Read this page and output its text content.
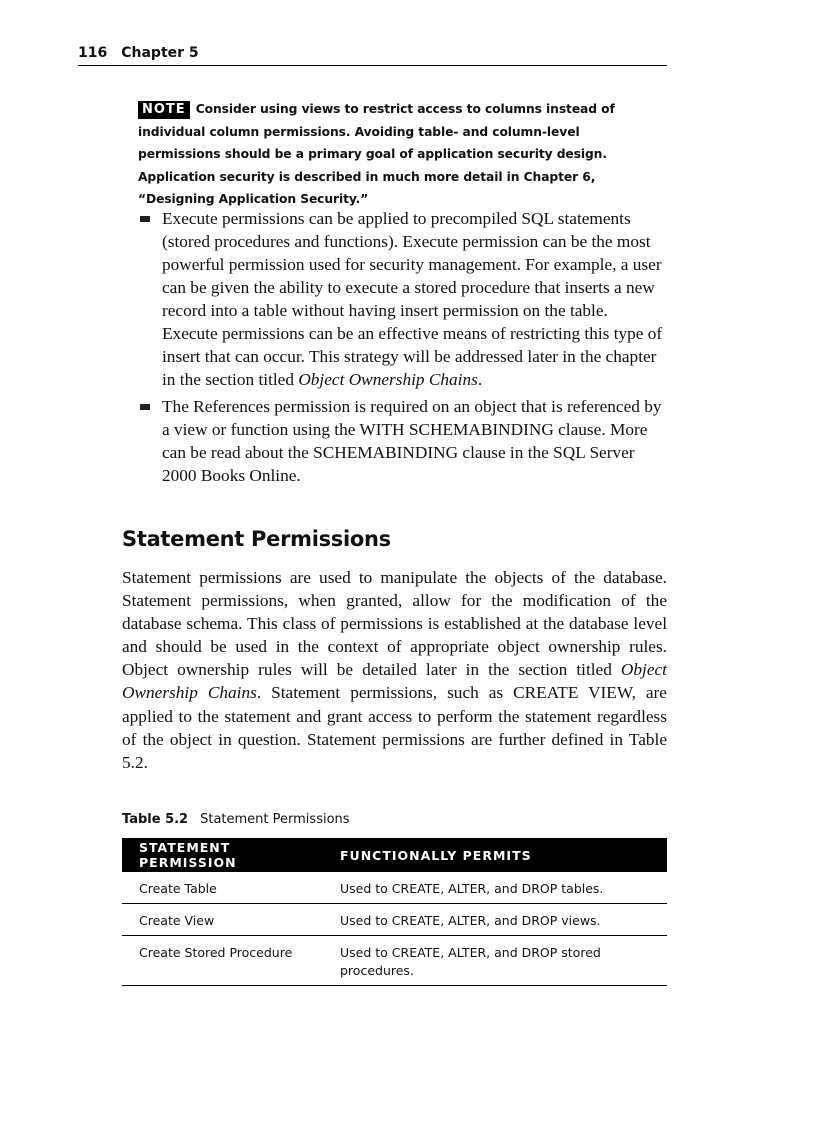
116 Chapter 5
NOTE Consider using views to restrict access to columns instead of individual column permissions. Avoiding table- and column-level permissions should be a primary goal of application security design. Application security is described in much more detail in Chapter 6, “Designing Application Security.”
Execute permissions can be applied to precompiled SQL statements (stored procedures and functions). Execute permission can be the most powerful permission used for security management. For example, a user can be given the ability to execute a stored procedure that inserts a new record into a table without having insert permission on the table. Execute permissions can be an effective means of restricting this type of insert that can occur. This strategy will be addressed later in the chapter in the section titled Object Ownership Chains.
The References permission is required on an object that is referenced by a view or function using the WITH SCHEMABINDING clause. More can be read about the SCHEMABINDING clause in the SQL Server 2000 Books Online.
Statement Permissions

Statement permissions are used to manipulate the objects of the database. Statement permissions, when granted, allow for the modification of the database schema. This class of permissions is established at the database level and should be used in the context of appropriate object ownership rules. Object ownership rules will be detailed later in the section titled Object Ownership Chains. Statement permissions, such as CREATE VIEW, are applied to the statement and grant access to perform the statement regardless of the object in question. Statement permissions are further defined in Table 5.2.

Table 5.2 Statement Permissions
STATEMENT PERMISSION	FUNCTIONALLY PERMITS
Create Table	Used to CREATE, ALTER, and DROP tables.
Create View	Used to CREATE, ALTER, and DROP views.
Create Stored Procedure	Used to CREATE, ALTER, and DROP stored procedures.
